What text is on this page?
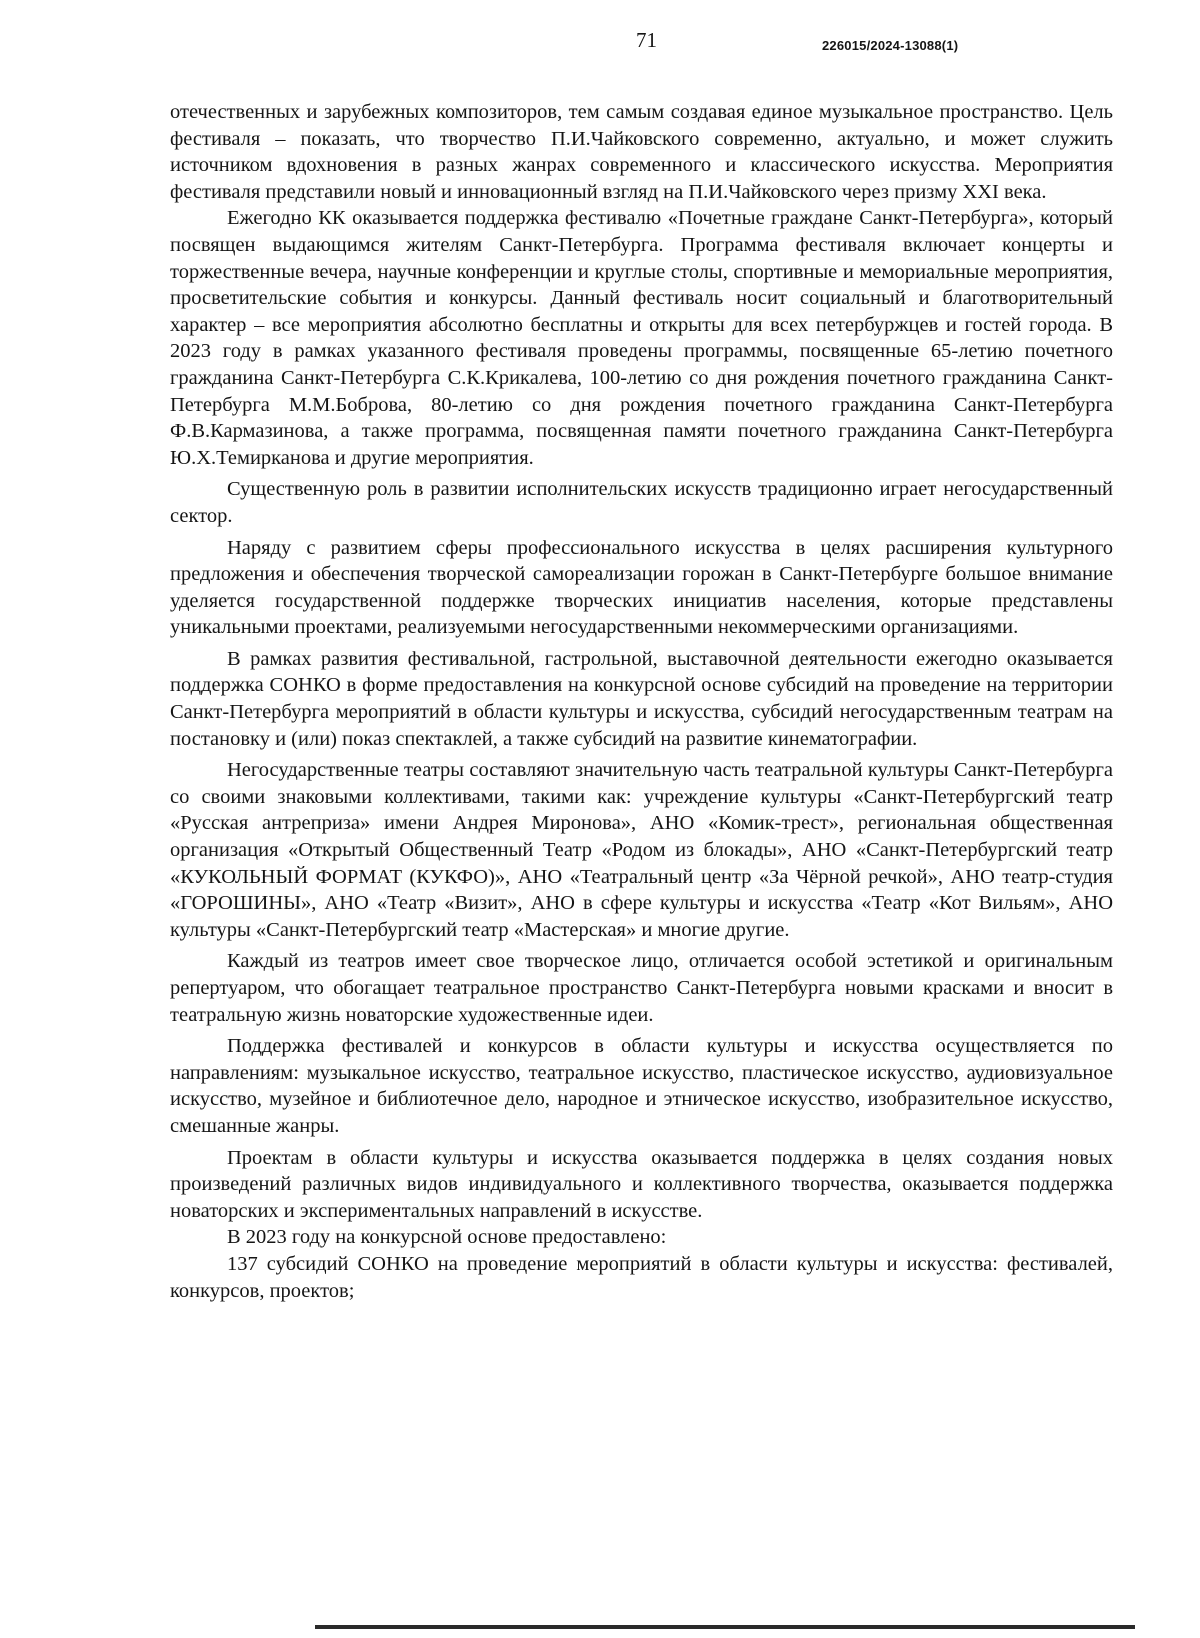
71	226015/2024-13088(1)

отечественных и зарубежных композиторов, тем самым создавая единое музыкальное пространство. Цель фестиваля – показать, что творчество П.И.Чайковского современно, актуально, и может служить источником вдохновения в разных жанрах современного и классического искусства. Мероприятия фестиваля представили новый и инновационный взгляд на П.И.Чайковского через призму XXI века.

Ежегодно КК оказывается поддержка фестивалю «Почетные граждане Санкт-Петербурга», который посвящен выдающимся жителям Санкт-Петербурга. Программа фестиваля включает концерты и торжественные вечера, научные конференции и круглые столы, спортивные и мемориальные мероприятия, просветительские события и конкурсы. Данный фестиваль носит социальный и благотворительный характер – все мероприятия абсолютно бесплатны и открыты для всех петербуржцев и гостей города. В 2023 году в рамках указанного фестиваля проведены программы, посвященные 65-летию почетного гражданина Санкт-Петербурга С.К.Крикалева, 100-летию со дня рождения почетного гражданина Санкт-Петербурга М.М.Боброва, 80-летию со дня рождения почетного гражданина Санкт-Петербурга Ф.В.Кармазинова, а также программа, посвященная памяти почетного гражданина Санкт-Петербурга Ю.Х.Темирканова и другие мероприятия.

Существенную роль в развитии исполнительских искусств традиционно играет негосударственный сектор.

Наряду с развитием сферы профессионального искусства в целях расширения культурного предложения и обеспечения творческой самореализации горожан в Санкт-Петербурге большое внимание уделяется государственной поддержке творческих инициатив населения, которые представлены уникальными проектами, реализуемыми негосударственными некоммерческими организациями.

В рамках развития фестивальной, гастрольной, выставочной деятельности ежегодно оказывается поддержка СОНКО в форме предоставления на конкурсной основе субсидий на проведение на территории Санкт-Петербурга мероприятий в области культуры и искусства, субсидий негосударственным театрам на постановку и (или) показ спектаклей, а также субсидий на развитие кинематографии.

Негосударственные театры составляют значительную часть театральной культуры Санкт-Петербурга со своими знаковыми коллективами, такими как: учреждение культуры «Санкт-Петербургский театр «Русская антреприза» имени Андрея Миронова», АНО «Комик-трест», региональная общественная организация «Открытый Общественный Театр «Родом из блокады», АНО «Санкт-Петербургский театр «КУКОЛЬНЫЙ ФОРМАТ (КУКФО)», АНО «Театральный центр «За Чёрной речкой», АНО театр-студия «ГОРОШИНЫ», АНО «Театр «Визит», АНО в сфере культуры и искусства «Театр «Кот Вильям», АНО культуры «Санкт-Петербургский театр «Мастерская» и многие другие.

Каждый из театров имеет свое творческое лицо, отличается особой эстетикой и оригинальным репертуаром, что обогащает театральное пространство Санкт-Петербурга новыми красками и вносит в театральную жизнь новаторские художественные идеи.

Поддержка фестивалей и конкурсов в области культуры и искусства осуществляется по направлениям: музыкальное искусство, театральное искусство, пластическое искусство, аудиовизуальное искусство, музейное и библиотечное дело, народное и этническое искусство, изобразительное искусство, смешанные жанры.

Проектам в области культуры и искусства оказывается поддержка в целях создания новых произведений различных видов индивидуального и коллективного творчества, оказывается поддержка новаторских и экспериментальных направлений в искусстве.

В 2023 году на конкурсной основе предоставлено:

137 субсидий СОНКО на проведение мероприятий в области культуры и искусства: фестивалей, конкурсов, проектов;
